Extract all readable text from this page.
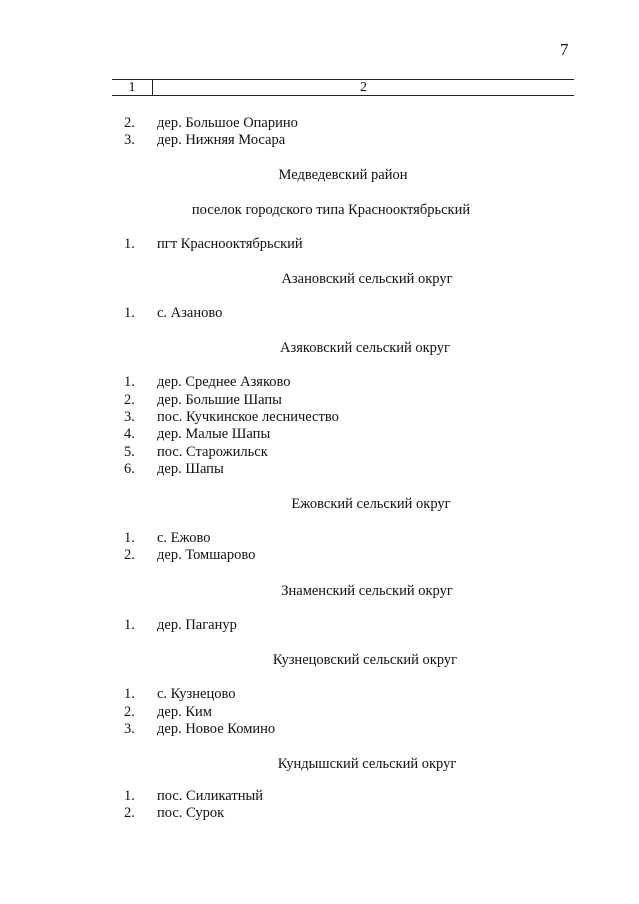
7
1	2
2. дер. Большое Опарино
3. дер. Нижняя Мосара
Медведевский район
поселок городского типа Краснооктябрьский
1. пгт Краснооктябрьский
Азановский сельский округ
1. с. Азаново
Азяковский сельский округ
1. дер. Среднее Азяково
2. дер. Большие Шапы
3. пос. Кучкинское лесничество
4. дер. Малые Шапы
5. пос. Старожильск
6. дер. Шапы
Ежовский сельский округ
1. с. Ежово
2. дер. Томшарово
Знаменский сельский округ
1. дер. Паганур
Кузнецовский сельский округ
1. с. Кузнецово
2. дер. Ким
3. дер. Новое Комино
Кундышский сельский округ
1. пос. Силикатный
2. пос. Сурок
